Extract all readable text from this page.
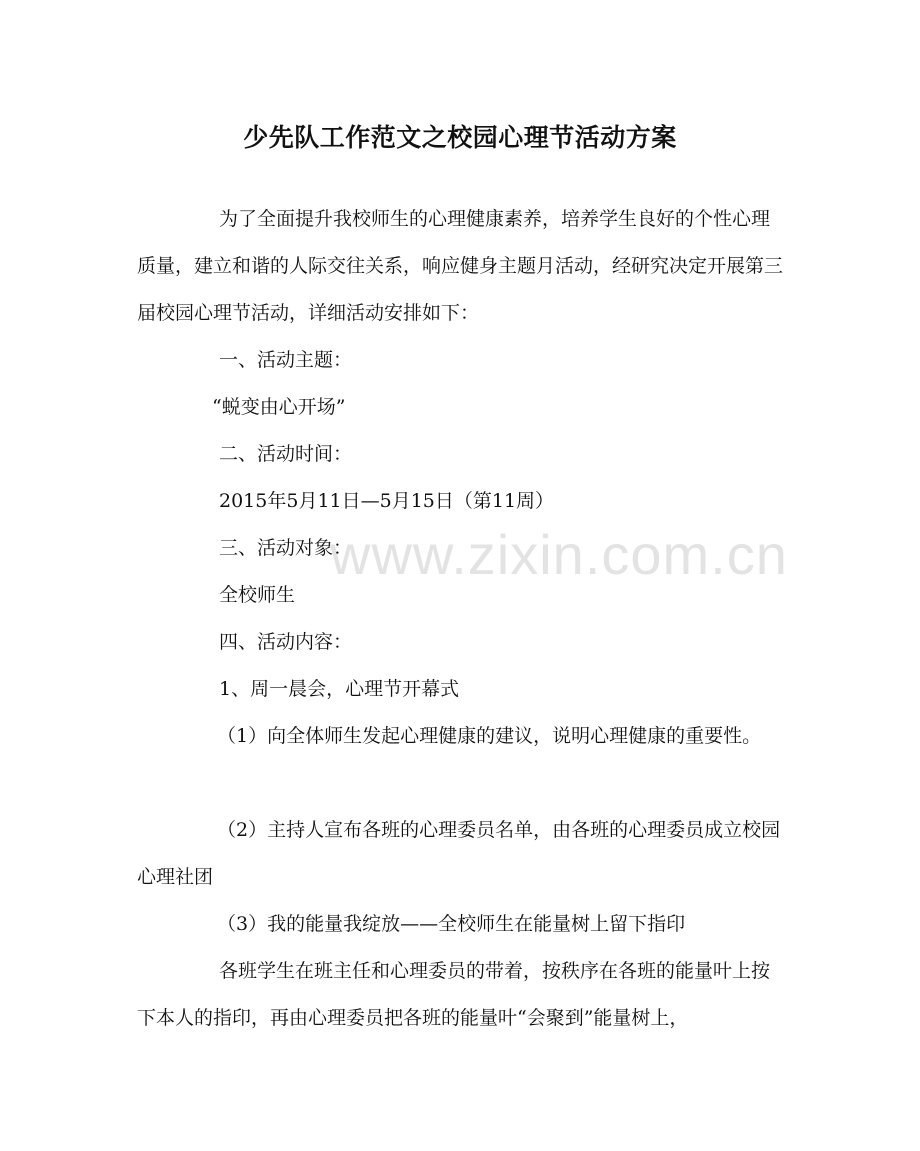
www.zixin.com.cn
少先队工作范文之校园心理节活动方案

为了全面提升我校师生的心理健康素养，培养学生良好的个性心理质量，建立和谐的人际交往关系，响应健身主题月活动，经研究决定开展第三届校园心理节活动，详细活动安排如下：

一、活动主题：

“蜕变由心开场”

二、活动时间：

2015年5月11日—5月15日（第11周）

三、活动对象：

全校师生

四、活动内容：

1、周一晨会，心理节开幕式

（1）向全体师生发起心理健康的建议，说明心理健康的重要性。

（2）主持人宣布各班的心理委员名单，由各班的心理委员成立校园心理社团

（3）我的能量我绽放——全校师生在能量树上留下指印

各班学生在班主任和心理委员的带着，按秩序在各班的能量叶上按下本人的指印，再由心理委员把各班的能量叶“会聚到”能量树上，
